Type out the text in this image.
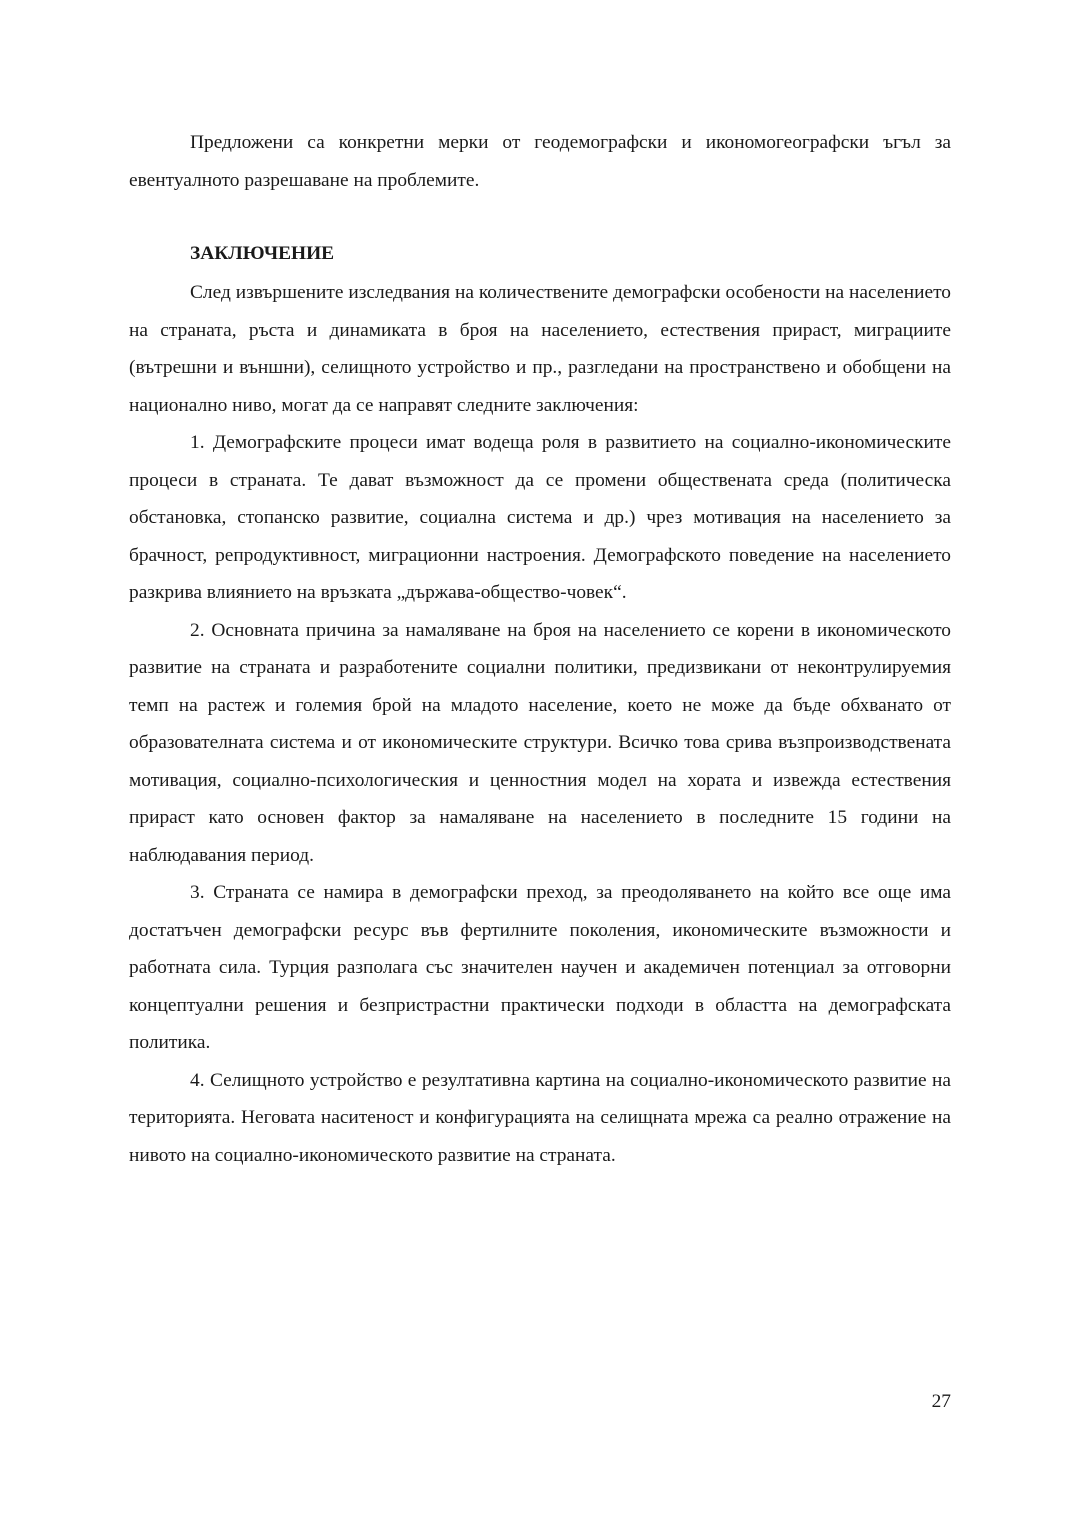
Предложени са конкретни мерки от геодемографски и икономогеографски ъгъл за евентуалното разрешаване на проблемите.

ЗАКЛЮЧЕНИЕ

След извършените изследвания на количествените демографски особености на населението на страната, ръста и динамиката в броя на населението, естествения прираст, миграциите (вътрешни и външни), селищното устройство и пр., разгледани на пространствено и обобщени на национално ниво, могат да се направят следните заключения:

1. Демографските процеси имат водеща роля в развитието на социално-икономическите процеси в страната. Те дават възможност да се промени обществената среда (политическа обстановка, стопанско развитие, социална система и др.) чрез мотивация на населението за брачност, репродуктивност, миграционни настроения. Демографското поведение на населението разкрива влиянието на връзката „държава-общество-човек“.

2. Основната причина за намаляване на броя на населението се корени в икономическото развитие на страната и разработените социални политики, предизвикани от неконтрулируемия темп на растеж и големия брой на младото население, което не може да бъде обхванато от образователната система и от икономическите структури. Всичко това срива възпроизводствената мотивация, социално-психологическия и ценностния модел на хората и извежда естествения прираст като основен фактор за намаляване на населението в последните 15 години на наблюдавания период.

3. Страната се намира в демографски преход, за преодоляването на който все още има достатъчен демографски ресурс във фертилните поколения, икономическите възможности и работната сила. Турция разполага със значителен научен и академичен потенциал за отговорни концептуални решения и безпристрастни практически подходи в областта на демографската политика.

4. Селищното устройство е резултативна картина на социално-икономическото развитие на територията. Неговата наситеност и конфигурацията на селищната мрежа са реално отражение на нивото на социално-икономическото развитие на страната.

27
